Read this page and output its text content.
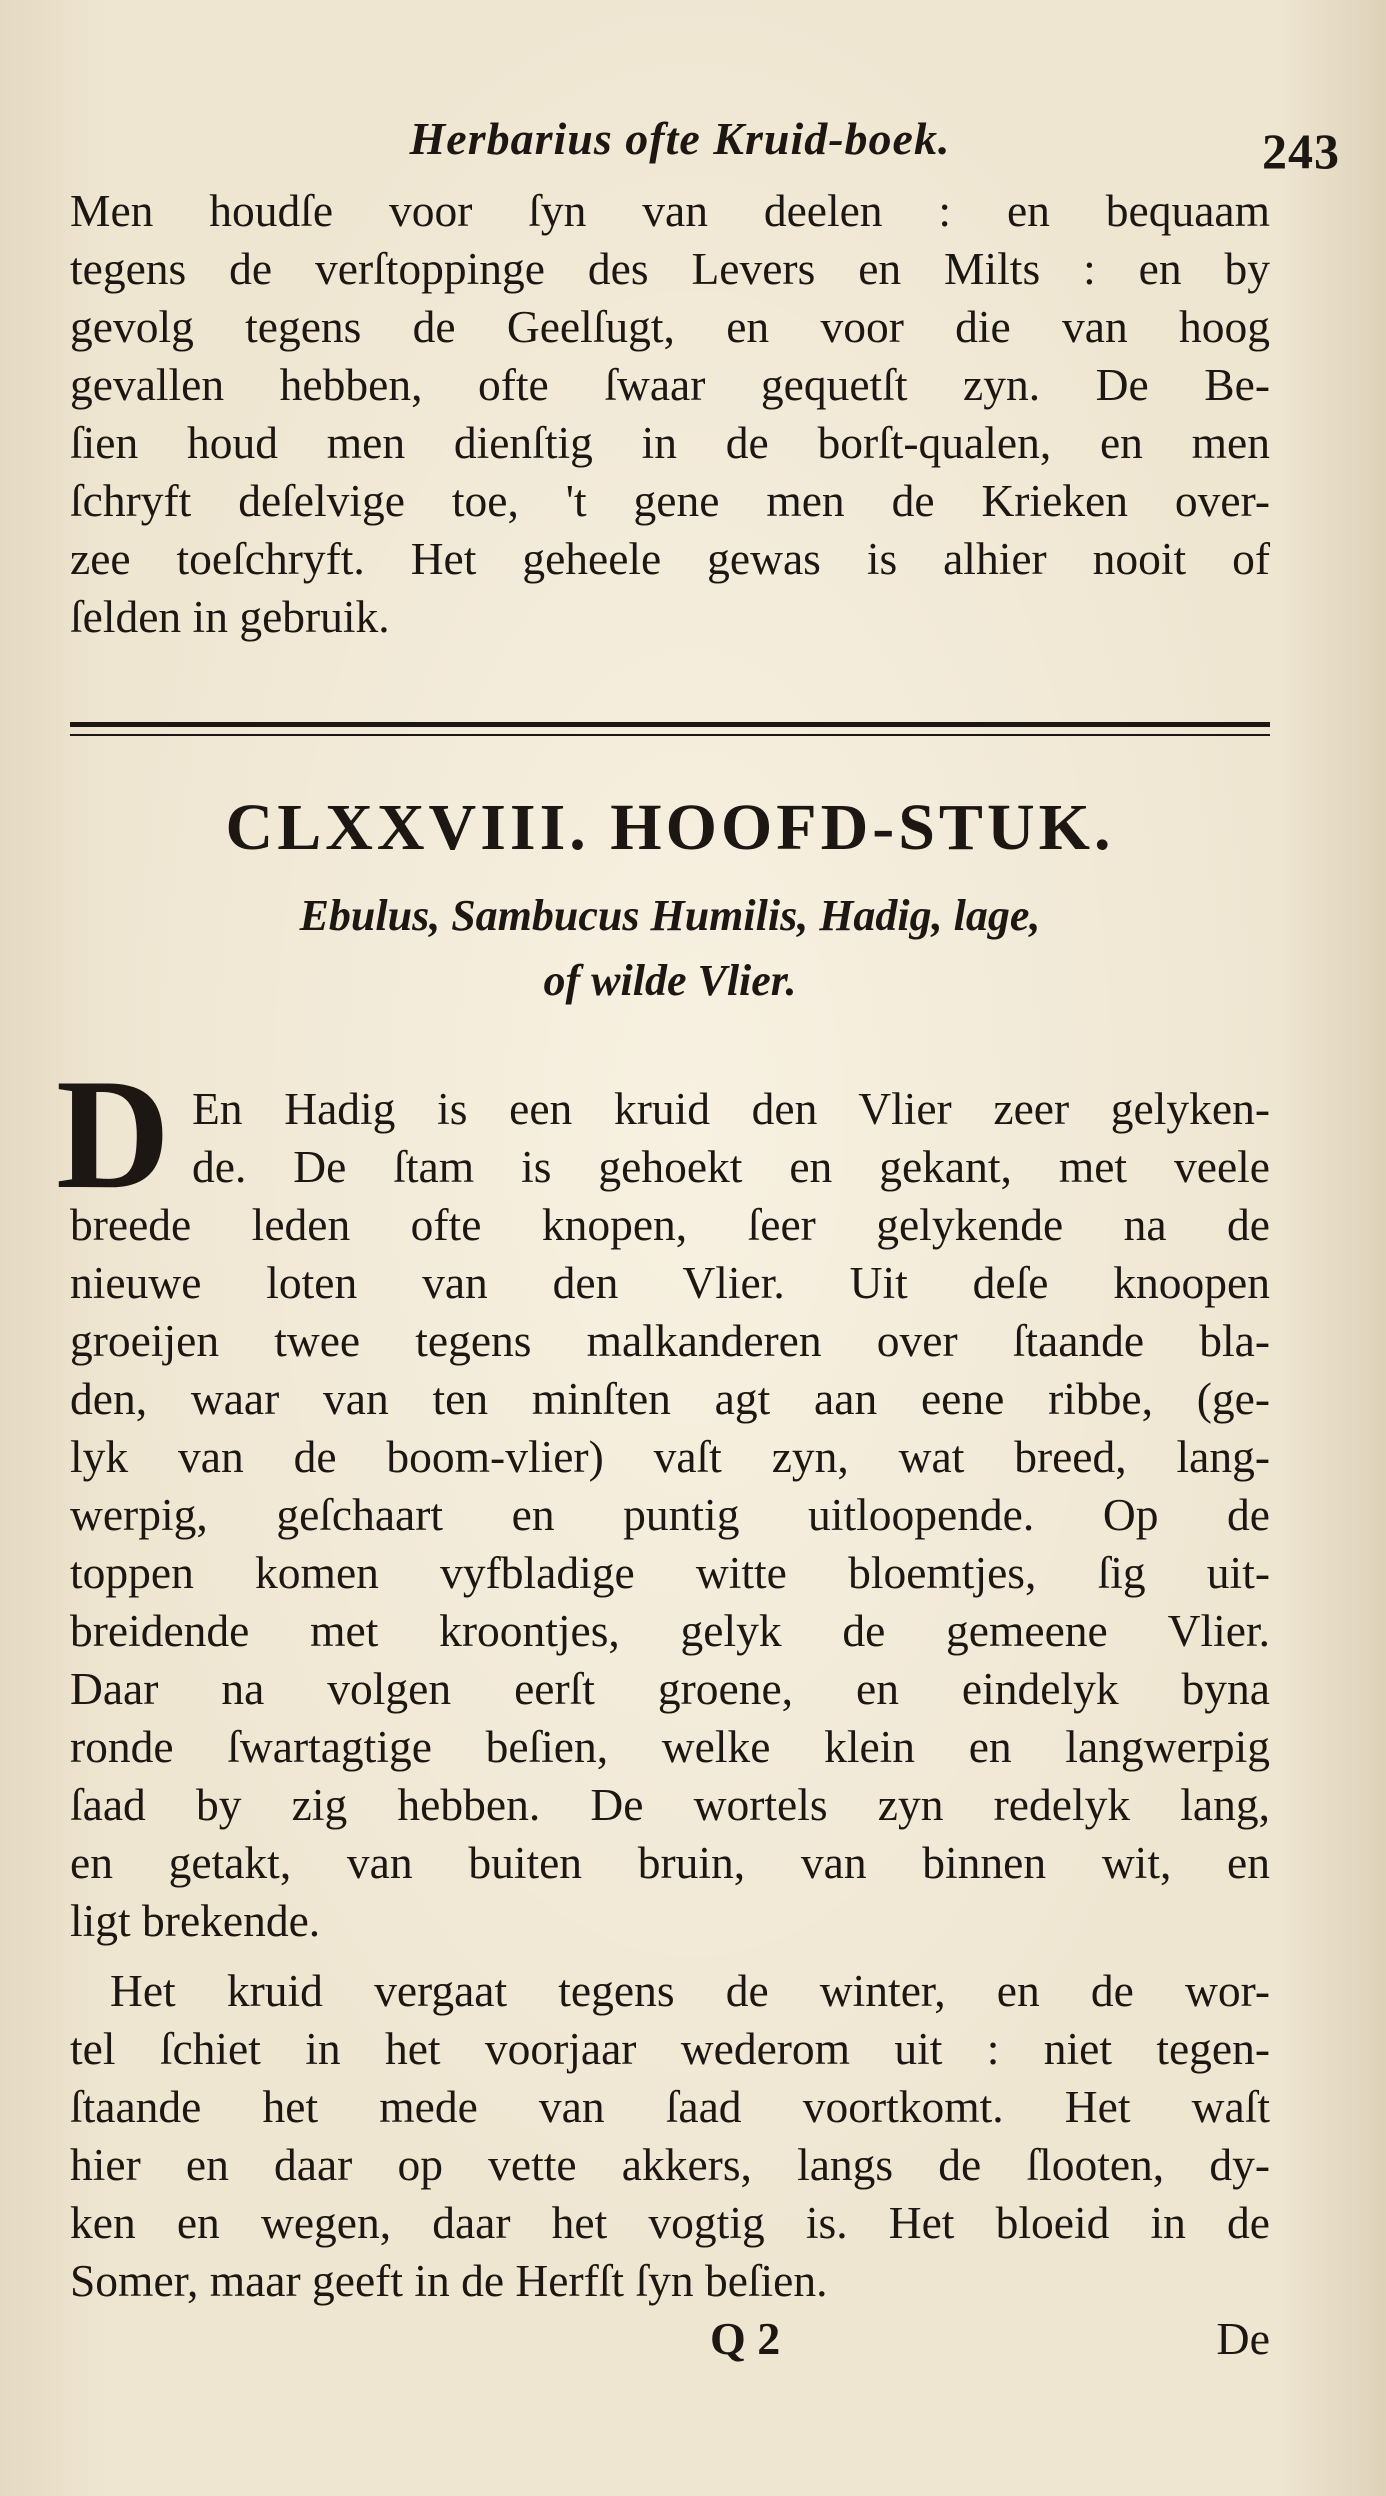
Herbarius ofte Kruid-boek.	243
Men houdſe voor ſyn van deelen : en bequaam
tegens de verſtoppinge des Levers en Milts : en by
gevolg tegens de Geelſugt, en voor die van hoog
gevallen hebben, ofte ſwaar gequetſt zyn. De Be-
ſien houd men dienſtig in de borſt-qualen, en men
ſchryft deſelvige toe, 't gene men de Krieken over-
zee toeſchryft. Het geheele gewas is alhier nooit of
ſelden in gebruik.
CLXXVIII. HOOFD-STUK.
Ebulus, Sambucus Humilis, Hadig, lage,
of wilde Vlier.
D En Hadig is een kruid den Vlier zeer gelyken-
de. De ſtam is gehoekt en gekant, met veele
breede leden ofte knopen, ſeer gelykende na de
nieuwe loten van den Vlier. Uit deſe knoopen
groeijen twee tegens malkanderen over ſtaande bla-
den, waar van ten minſten agt aan eene ribbe, (ge-
lyk van de boom-vlier) vaſt zyn, wat breed, lang-
werpig, geſchaart en puntig uitloopende. Op de
toppen komen vyfbladige witte bloemtjes, ſig uit-
breidende met kroontjes, gelyk de gemeene Vlier.
Daar na volgen eerſt groene, en eindelyk byna
ronde ſwartagtige beſien, welke klein en langwerpig
ſaad by zig hebben. De wortels zyn redelyk lang,
en getakt, van buiten bruin, van binnen wit, en
ligt brekende.
Het kruid vergaat tegens de winter, en de wor-
tel ſchiet in het voorjaar wederom uit : niet tegen-
ſtaande het mede van ſaad voortkomt. Het waſt
hier en daar op vette akkers, langs de ſlooten, dy-
ken en wegen, daar het vogtig is. Het bloeid in de
Somer, maar geeft in de Herfſt ſyn beſien.
Q 2	De
